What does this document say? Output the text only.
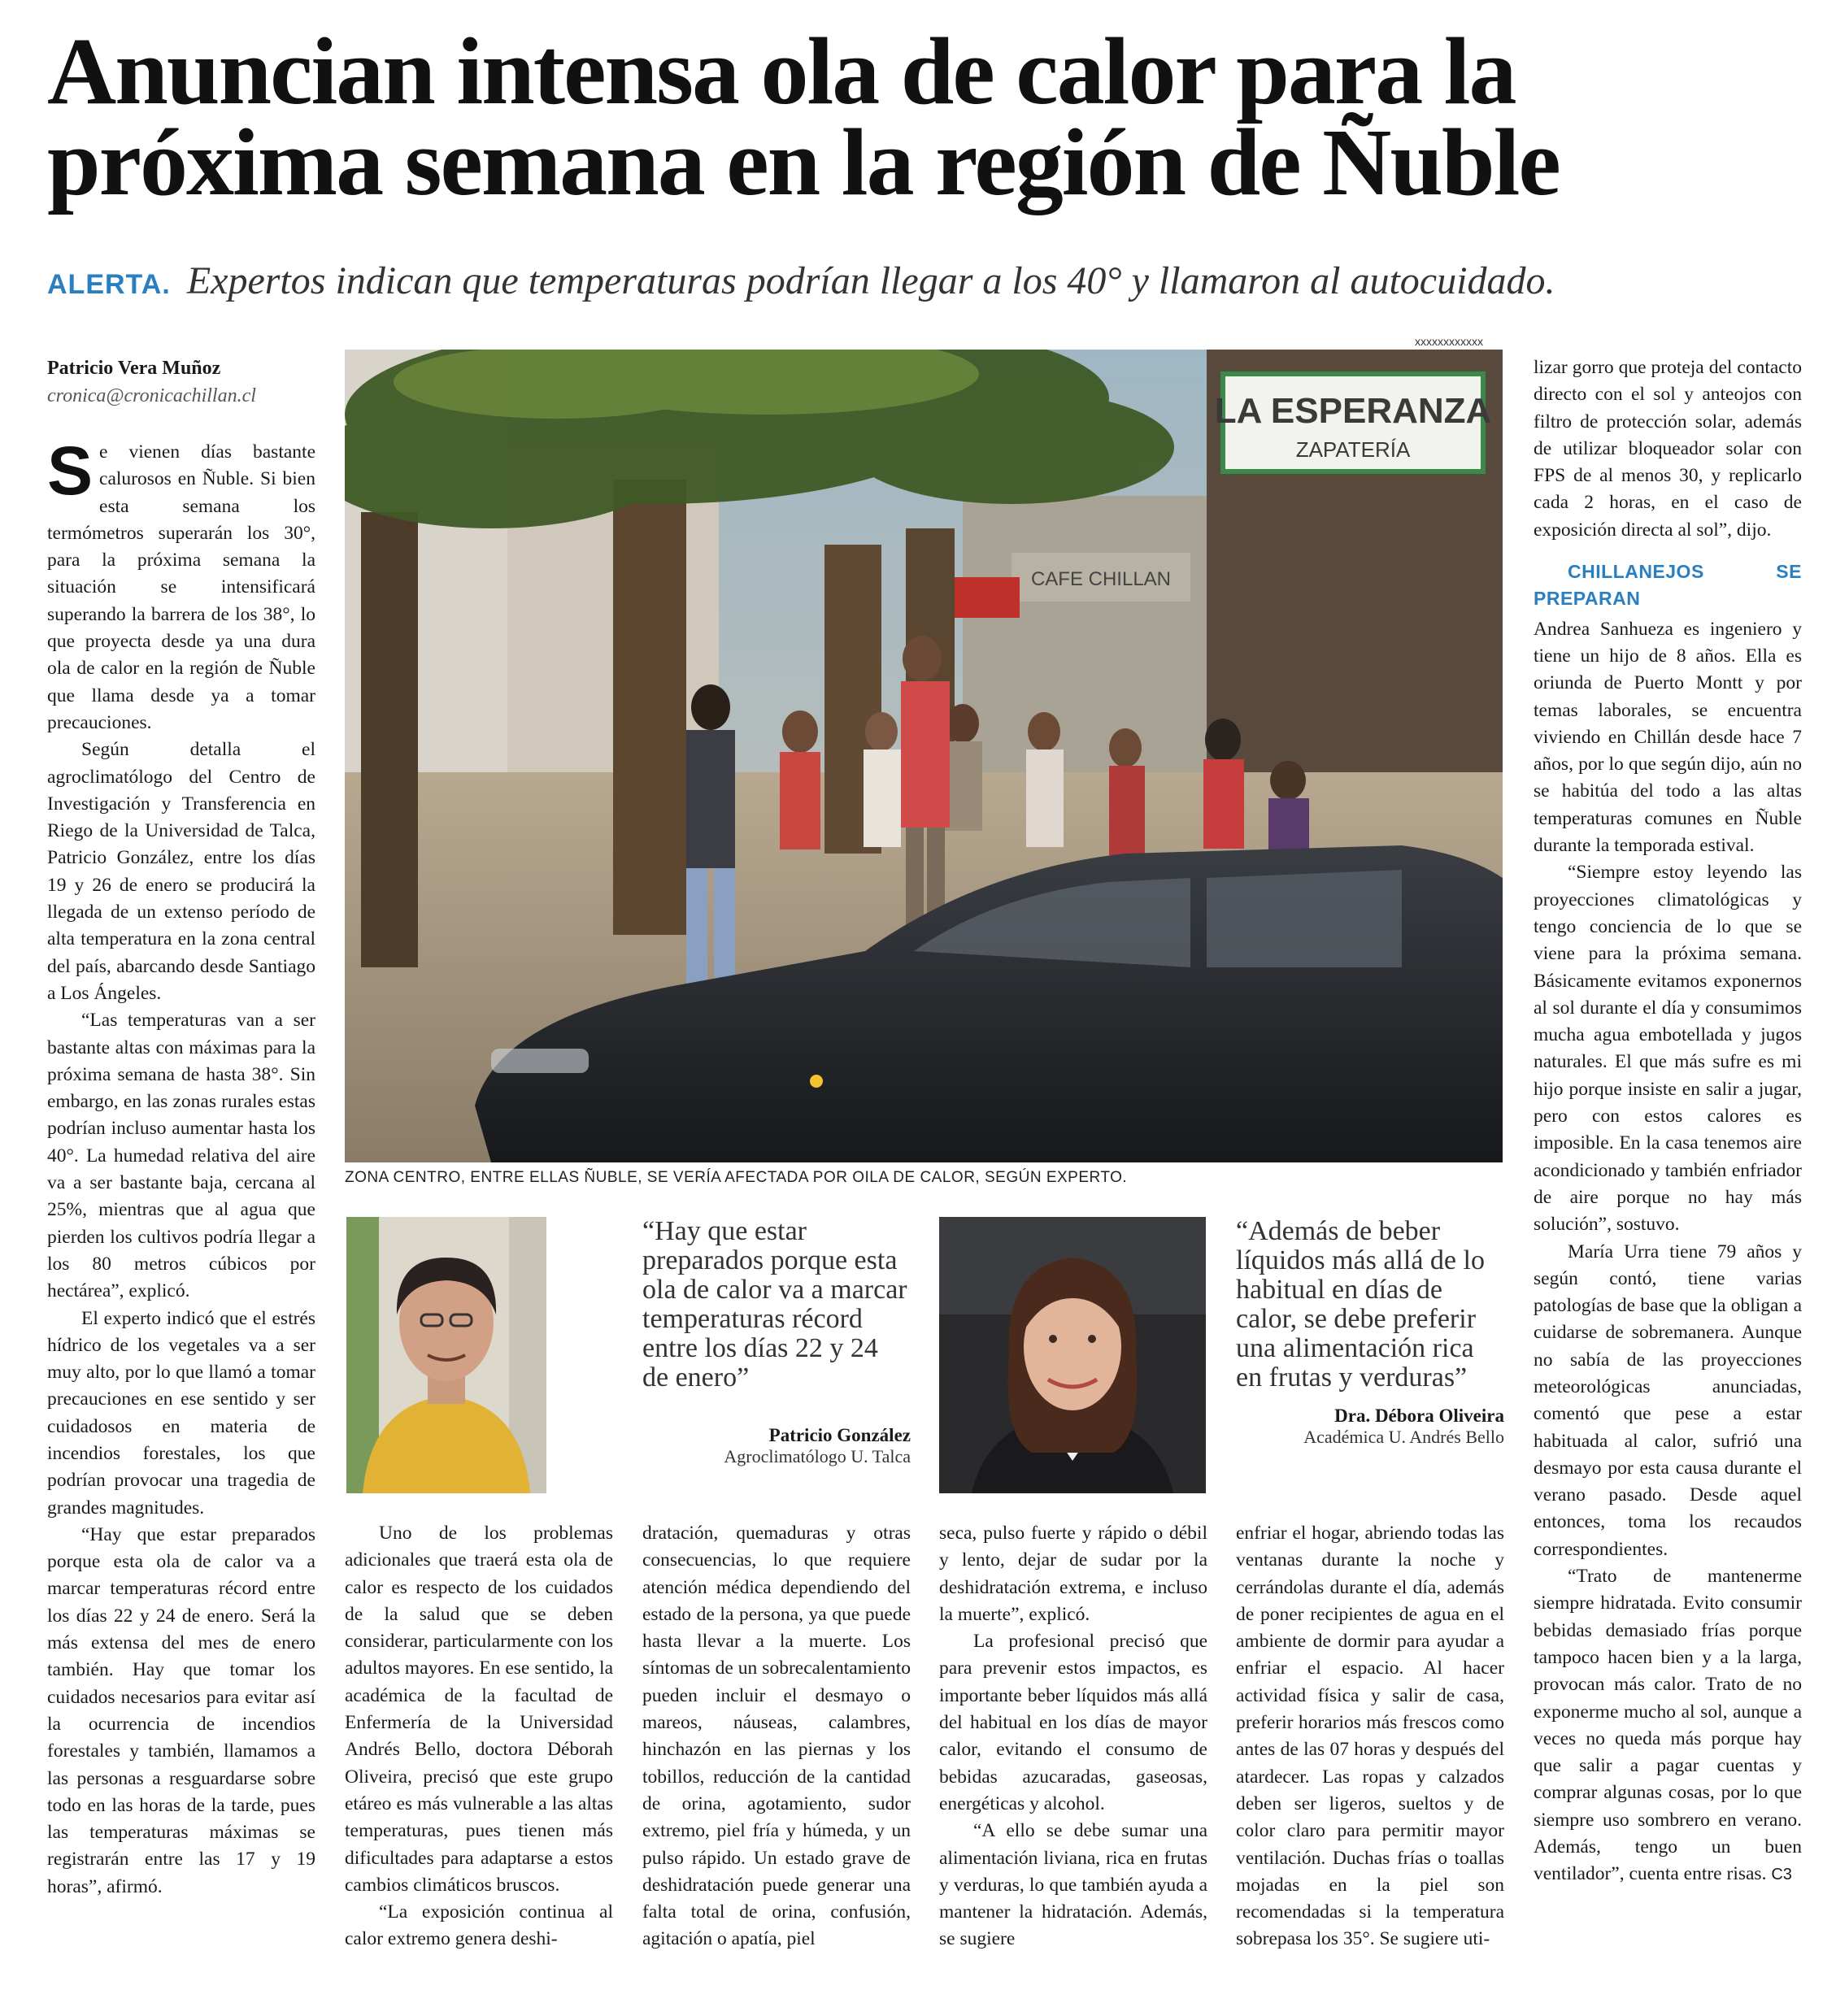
Anuncian intensa ola de calor para la próxima semana en la región de Ñuble
ALERTA. Expertos indican que temperaturas podrían llegar a los 40° y llamaron al autocuidado.
Patricio Vera Muñoz
cronica@cronicachillan.cl

Se vienen días bastante calurosos en Ñuble. Si bien esta semana los termómetros superarán los 30°, para la próxima semana la situación se intensificará superando la barrera de los 38°, lo que proyecta desde ya una dura ola de calor en la región de Ñuble que llama desde ya a tomar precauciones.

Según detalla el agroclimatólogo del Centro de Investigación y Transferencia en Riego de la Universidad de Talca, Patricio González, entre los días 19 y 26 de enero se producirá la llegada de un extenso período de alta temperatura en la zona central del país, abarcando desde Santiago a Los Ángeles.

“Las temperaturas van a ser bastante altas con máximas para la próxima semana de hasta 38°. Sin embargo, en las zonas rurales estas podrían incluso aumentar hasta los 40°. La humedad relativa del aire va a ser bastante baja, cercana al 25%, mientras que al agua que pierden los cultivos podría llegar a los 80 metros cúbicos por hectárea”, explicó.

El experto indicó que el estrés hídrico de los vegetales va a ser muy alto, por lo que llamó a tomar precauciones en ese sentido y ser cuidadosos en materia de incendios forestales, los que podrían provocar una tragedia de grandes magnitudes.

“Hay que estar preparados porque esta ola de calor va a marcar temperaturas récord entre los días 22 y 24 de enero. Será la más extensa del mes de enero también. Hay que tomar los cuidados necesarios para evitar así la ocurrencia de incendios forestales y también, llamamos a las personas a resguardarse sobre todo en las horas de la tarde, pues las temperaturas máximas se registrarán entre las 17 y 19 horas”, afirmó.

xxxxxxxxxxxx
LA ESPERANZA
ZAPATERÍA
CAFE CHILLAN
ZONA CENTRO, ENTRE ELLAS ÑUBLE, SE VERÍA AFECTADA POR OILA DE CALOR, SEGÚN EXPERTO.
“Hay que estar preparados porque esta ola de calor va a marcar temperaturas récord entre los días 22 y 24 de enero”
Patricio González
Agroclimatólogo U. Talca
“Además de beber líquidos más allá de lo habitual en días de calor, se debe preferir una alimentación rica en frutas y verduras”
Dra. Débora Oliveira
Académica U. Andrés Bello

Uno de los problemas adicionales que traerá esta ola de calor es respecto de los cuidados de la salud que se deben considerar, particularmente con los adultos mayores. En ese sentido, la académica de la facultad de Enfermería de la Universidad Andrés Bello, doctora Déborah Oliveira, precisó que este grupo etáreo es más vulnerable a las altas temperaturas, pues tienen más dificultades para adaptarse a estos cambios climáticos bruscos.

“La exposición continua al calor extremo genera deshi-

dratación, quemaduras y otras consecuencias, lo que requiere atención médica dependiendo del estado de la persona, ya que puede hasta llevar a la muerte. Los síntomas de un sobrecalentamiento pueden incluir el desmayo o mareos, náuseas, calambres, hinchazón en las piernas y los tobillos, reducción de la cantidad de orina, agotamiento, sudor extremo, piel fría y húmeda, y un pulso rápido. Un estado grave de deshidratación puede generar una falta total de orina, confusión, agitación o apatía, piel

seca, pulso fuerte y rápido o débil y lento, dejar de sudar por la deshidratación extrema, e incluso la muerte”, explicó.

La profesional precisó que para prevenir estos impactos, es importante beber líquidos más allá del habitual en los días de mayor calor, evitando el consumo de bebidas azucaradas, gaseosas, energéticas y alcohol.

“A ello se debe sumar una alimentación liviana, rica en frutas y verduras, lo que también ayuda a mantener la hidratación. Además, se sugiere

enfriar el hogar, abriendo todas las ventanas durante la noche y cerrándolas durante el día, además de poner recipientes de agua en el ambiente de dormir para ayudar a enfriar el espacio. Al hacer actividad física y salir de casa, preferir horarios más frescos como antes de las 07 horas y después del atardecer. Las ropas y calzados deben ser ligeros, sueltos y de color claro para permitir mayor ventilación. Duchas frías o toallas mojadas en la piel son recomendadas si la temperatura sobrepasa los 35°. Se sugiere uti-

lizar gorro que proteja del contacto directo con el sol y anteojos con filtro de protección solar, además de utilizar bloqueador solar con FPS de al menos 30, y replicarlo cada 2 horas, en el caso de exposición directa al sol”, dijo.

CHILLANEJOS SE PREPARAN

Andrea Sanhueza es ingeniero y tiene un hijo de 8 años. Ella es oriunda de Puerto Montt y por temas laborales, se encuentra viviendo en Chillán desde hace 7 años, por lo que según dijo, aún no se habitúa del todo a las altas temperaturas comunes en Ñuble durante la temporada estival.

“Siempre estoy leyendo las proyecciones climatológicas y tengo conciencia de lo que se viene para la próxima semana. Básicamente evitamos exponernos al sol durante el día y consumimos mucha agua embotellada y jugos naturales. El que más sufre es mi hijo porque insiste en salir a jugar, pero con estos calores es imposible. En la casa tenemos aire acondicionado y también enfriador de aire porque no hay más solución”, sostuvo.

María Urra tiene 79 años y según contó, tiene varias patologías de base que la obligan a cuidarse de sobremanera. Aunque no sabía de las proyecciones meteorológicas anunciadas, comentó que pese a estar habituada al calor, sufrió una desmayo por esta causa durante el verano pasado. Desde aquel entonces, toma los recaudos correspondientes.

“Trato de mantenerme siempre hidratada. Evito consumir bebidas demasiado frías porque tampoco hacen bien y a la larga, provocan más calor. Trato de no exponerme mucho al sol, aunque a veces no queda más porque hay que salir a pagar cuentas y comprar algunas cosas, por lo que siempre uso sombrero en verano. Además, tengo un buen ventilador”, cuenta entre risas. C3
